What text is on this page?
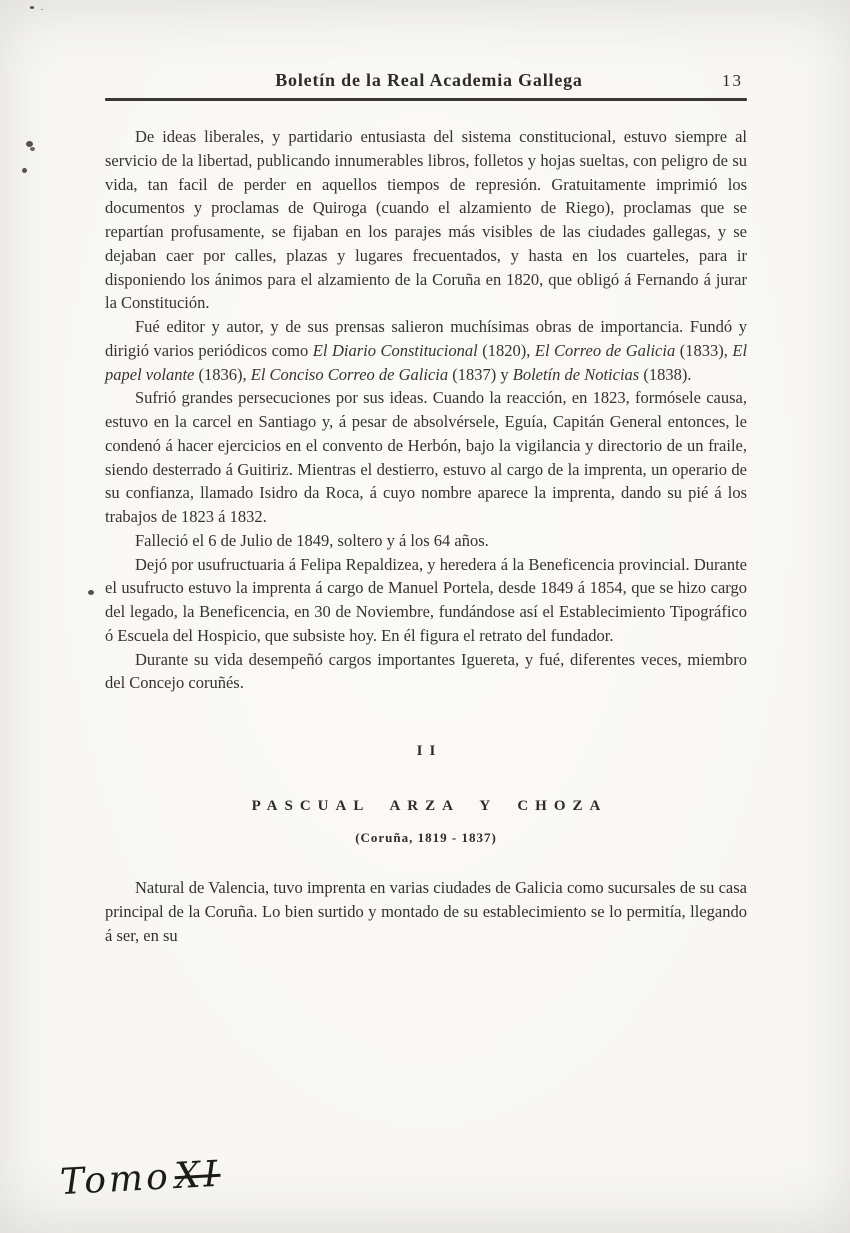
Boletín de la Real Academia Gallega	13

De ideas liberales, y partidario entusiasta del sistema constitucional, estuvo siempre al servicio de la libertad, publicando innumerables libros, folletos y hojas sueltas, con peligro de su vida, tan facil de perder en aquellos tiempos de represión. Gratuitamente imprimió los documentos y proclamas de Quiroga (cuando el alzamiento de Riego), proclamas que se repartían profusamente, se fijaban en los parajes más visibles de las ciudades gallegas, y se dejaban caer por calles, plazas y lugares frecuentados, y hasta en los cuarteles, para ir disponiendo los ánimos para el alzamiento de la Coruña en 1820, que obligó á Fernando á jurar la Constitución.

Fué editor y autor, y de sus prensas salieron muchísimas obras de importancia. Fundó y dirigió varios periódicos como El Diario Constitucional (1820), El Correo de Galicia (1833), El papel volante (1836), El Conciso Correo de Galicia (1837) y Boletín de Noticias (1838).

Sufrió grandes persecuciones por sus ideas. Cuando la reacción, en 1823, formósele causa, estuvo en la carcel en Santiago y, á pesar de absolvérsele, Eguía, Capitán General entonces, le condenó á hacer ejercicios en el convento de Herbón, bajo la vigilancia y directorio de un fraile, siendo desterrado á Guitiriz. Mientras el destierro, estuvo al cargo de la imprenta, un operario de su confianza, llamado Isidro da Roca, á cuyo nombre aparece la imprenta, dando su pié á los trabajos de 1823 á 1832.

Falleció el 6 de Julio de 1849, soltero y á los 64 años.

Dejó por usufructuaria á Felipa Repaldizea, y heredera á la Beneficencia provincial. Durante el usufructo estuvo la imprenta á cargo de Manuel Portela, desde 1849 á 1854, que se hizo cargo del legado, la Beneficencia, en 30 de Noviembre, fundándose así el Establecimiento Tipográfico ó Escuela del Hospicio, que subsiste hoy. En él figura el retrato del fundador.

Durante su vida desempeñó cargos importantes Iguereta, y fué, diferentes veces, miembro del Concejo coruñés.

II
PASCUAL ARZA Y CHOZA
(Coruña, 1819 - 1837)

Natural de Valencia, tuvo imprenta en varias ciudades de Galicia como sucursales de su casa principal de la Coruña. Lo bien surtido y montado de su establecimiento se lo permitía, llegando á ser, en su

TomoXI
